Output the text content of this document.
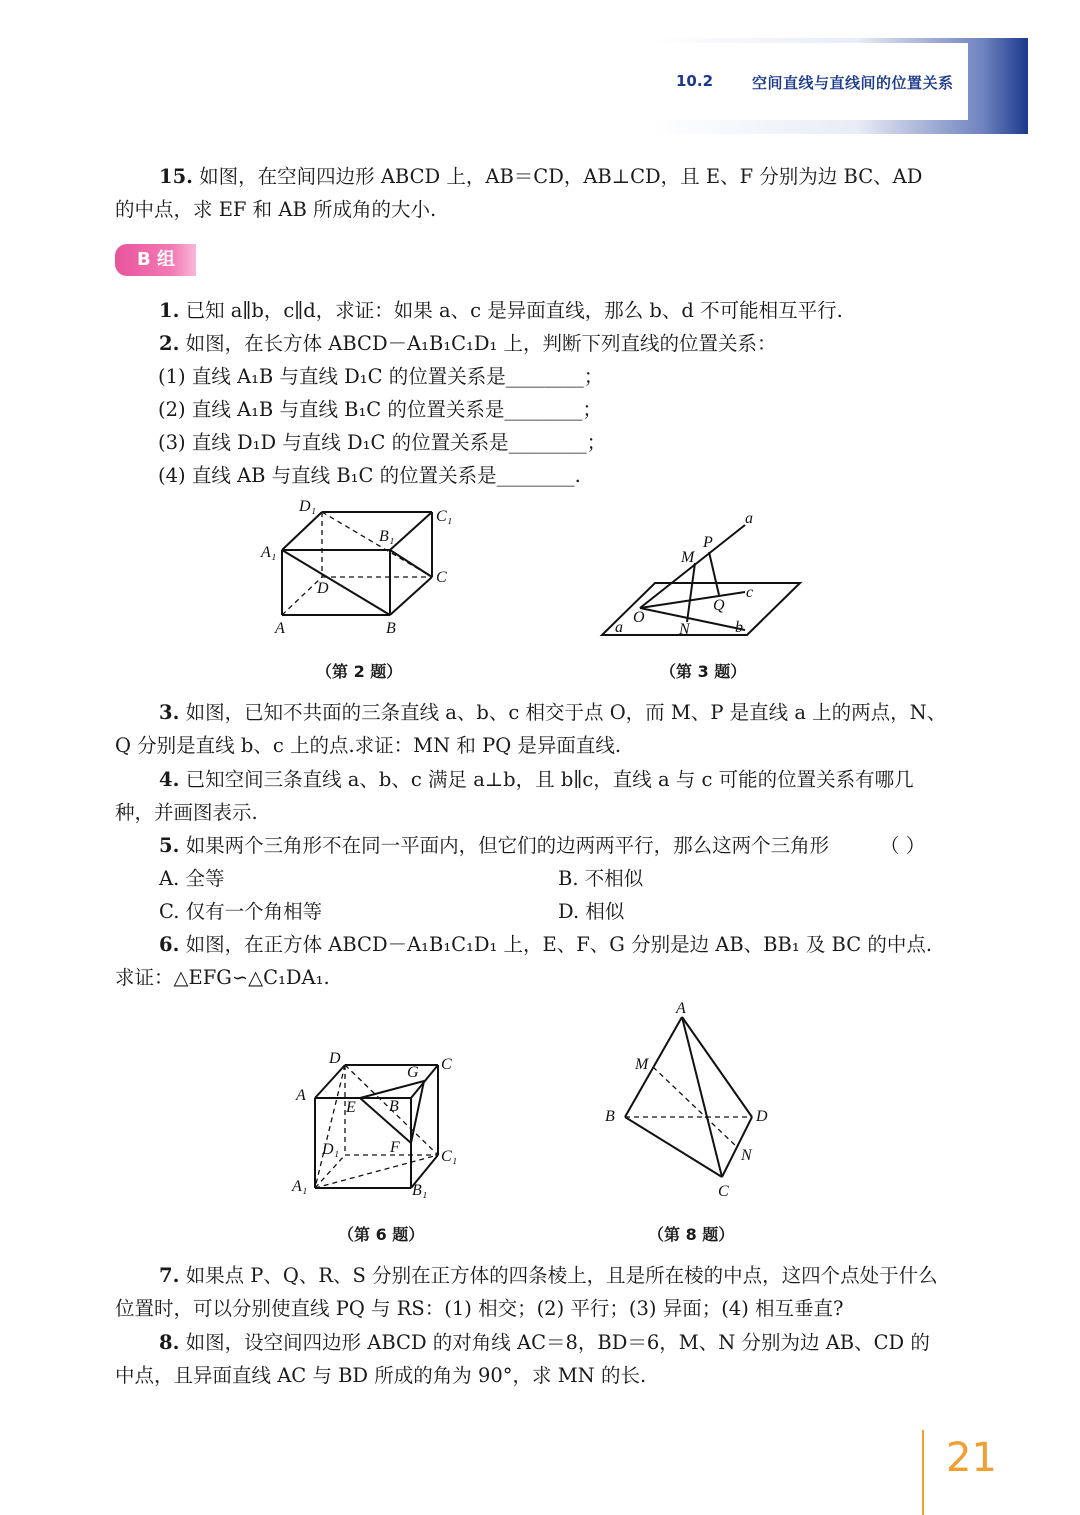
10.2	空间直线与直线间的位置关系

15. 如图，在空间四边形 ABCD 上，AB＝CD，AB⊥CD，且 E、F 分别为边 BC、AD 的中点，求 EF 和 AB 所成角的大小.

B 组

1. 已知 a∥b，c∥d，求证：如果 a、c 是异面直线，那么 b、d 不可能相互平行.

2. 如图，在长方体 ABCD－A₁B₁C₁D₁ 上，判断下列直线的位置关系：

(1) 直线 A₁B 与直线 D₁C 的位置关系是________；
(2) 直线 A₁B 与直线 B₁C 的位置关系是________；
(3) 直线 D₁D 与直线 D₁C 的位置关系是________；
(4) 直线 AB 与直线 B₁C 的位置关系是________.
D₁
C₁
B₁
A₁
C
D
A	B
（第 2 题）
a
P
M
c
Q
O
N
a	b
（第 3 题）

3. 如图，已知不共面的三条直线 a、b、c 相交于点 O，而 M、P 是直线 a 上的两点，N、Q 分别是直线 b、c 上的点.求证：MN 和 PQ 是异面直线.

4. 已知空间三条直线 a、b、c 满足 a⊥b，且 b∥c，直线 a 与 c 可能的位置关系有哪几种，并画图表示.

5. 如果两个三角形不在同一平面内，但它们的边两两平行，那么这两个三角形	（ ）
A. 全等	B. 不相似
C. 仅有一个角相等	D. 相似

6. 如图，在正方体 ABCD－A₁B₁C₁D₁ 上，E、F、G 分别是边 AB、BB₁ 及 BC 的中点.求证：△EFG∽△C₁DA₁.

D	C
G
A
E B
D₁	F
C₁
A₁	B₁
（第 6 题）
A
M
B	D
N
C
（第 8 题）

7. 如果点 P、Q、R、S 分别在正方体的四条棱上，且是所在棱的中点，这四个点处于什么位置时，可以分别使直线 PQ 与 RS：(1) 相交；(2) 平行；(3) 异面；(4) 相互垂直?

8. 如图，设空间四边形 ABCD 的对角线 AC＝8，BD＝6，M、N 分别为边 AB、CD 的中点，且异面直线 AC 与 BD 所成的角为 90°，求 MN 的长.

21
